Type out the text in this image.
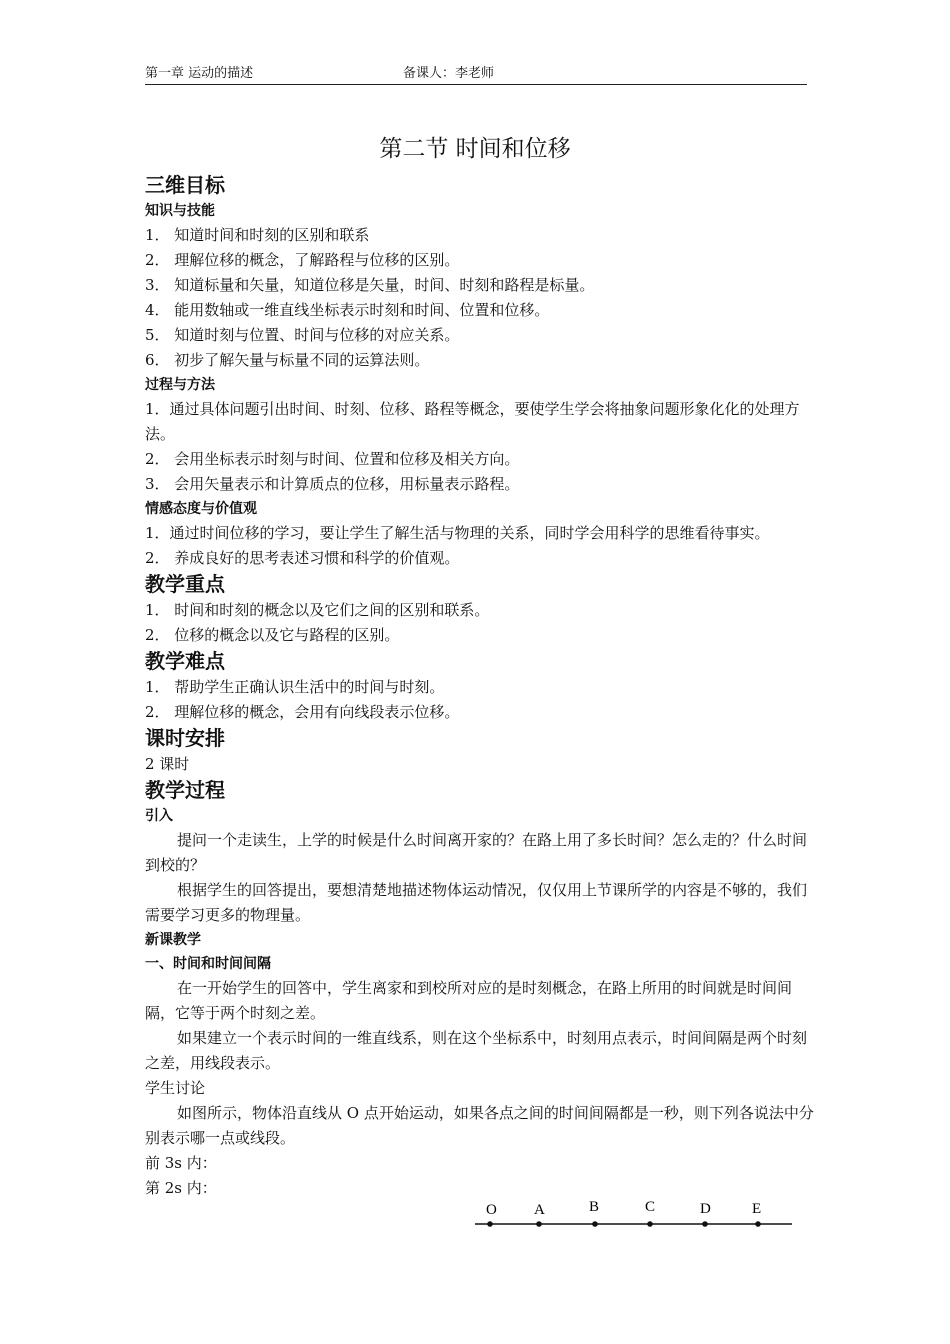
第一章 运动的描述	备课人：李老师
第二节 时间和位移

三维目标

知识与技能

1． 知道时间和时刻的区别和联系

2． 理解位移的概念，了解路程与位移的区别。

3． 知道标量和矢量，知道位移是矢量，时间、时刻和路程是标量。

4． 能用数轴或一维直线坐标表示时刻和时间、位置和位移。

5． 知道时刻与位置、时间与位移的对应关系。

6． 初步了解矢量与标量不同的运算法则。

过程与方法

1．通过具体问题引出时间、时刻、位移、路程等概念，要使学生学会将抽象问题形象化化的处理方法。

2． 会用坐标表示时刻与时间、位置和位移及相关方向。

3． 会用矢量表示和计算质点的位移，用标量表示路程。

情感态度与价值观

1．通过时间位移的学习，要让学生了解生活与物理的关系，同时学会用科学的思维看待事实。

2． 养成良好的思考表述习惯和科学的价值观。

教学重点

1． 时间和时刻的概念以及它们之间的区别和联系。

2． 位移的概念以及它与路程的区别。

教学难点

1． 帮助学生正确认识生活中的时间与时刻。

2． 理解位移的概念，会用有向线段表示位移。

课时安排

2 课时

教学过程

引入

提问一个走读生，上学的时候是什么时间离开家的？在路上用了多长时间？怎么走的？什么时间到校的？

根据学生的回答提出，要想清楚地描述物体运动情况，仅仅用上节课所学的内容是不够的，我们需要学习更多的物理量。

新课教学

一、时间和时间间隔

在一开始学生的回答中，学生离家和到校所对应的是时刻概念，在路上所用的时间就是时间间隔，它等于两个时刻之差。

如果建立一个表示时间的一维直线系，则在这个坐标系中，时刻用点表示，时间间隔是两个时刻之差，用线段表示。

学生讨论

如图所示，物体沿直线从 O 点开始运动，如果各点之间的时间间隔都是一秒，则下列各说法中分别表示哪一点或线段。

前 3s 内：

第 2s 内：

O A	B	C	D	E
